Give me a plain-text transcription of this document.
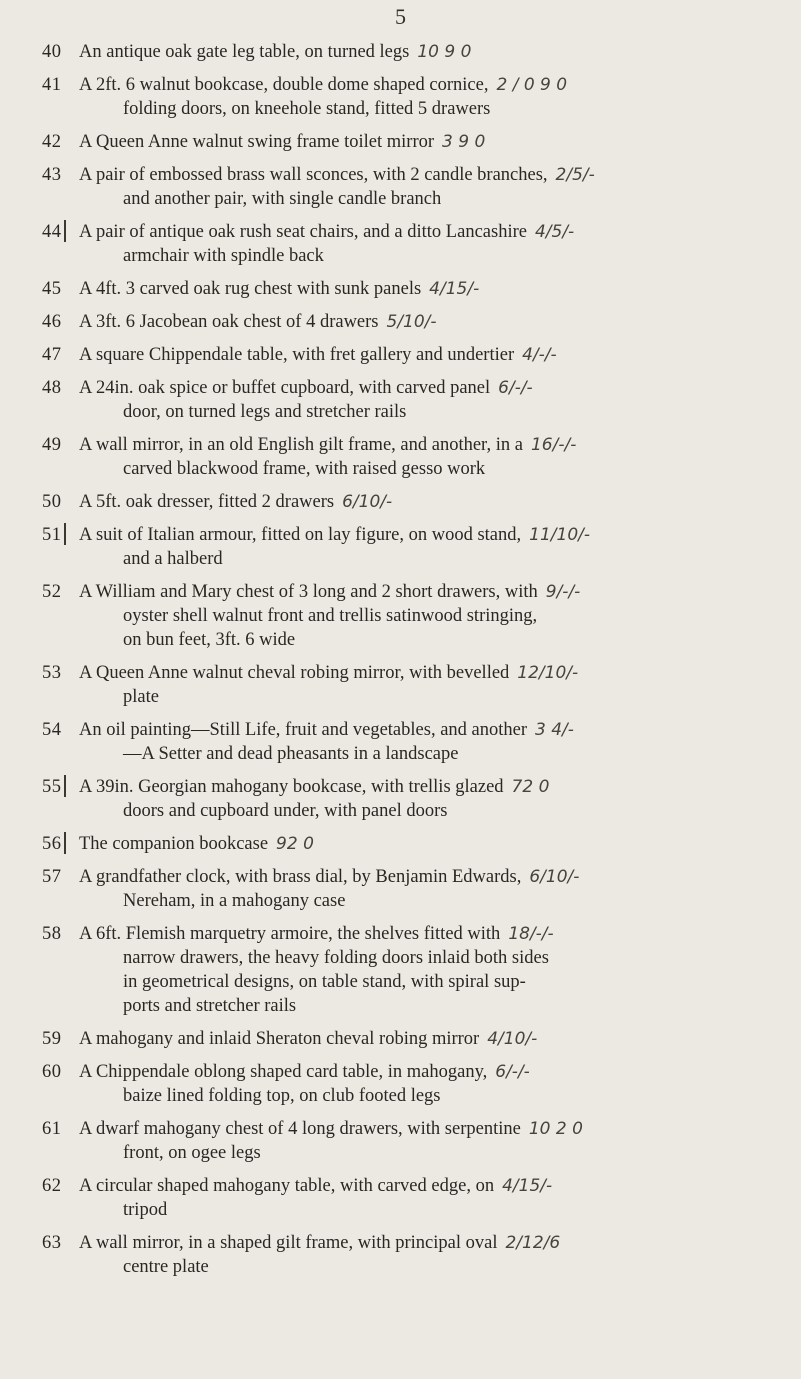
5
40 An antique oak gate leg table, on turned legs 10 9 0
41 A 2ft. 6 walnut bookcase, double dome shaped cornice, 2 / 0 9 0
folding doors, on kneehole stand, fitted 5 drawers
42 A Queen Anne walnut swing frame toilet mirror 3 9 0
43 A pair of embossed brass wall sconces, with 2 candle branches, 2/5/-
and another pair, with single candle branch
44 A pair of antique oak rush seat chairs, and a ditto Lancashire 4/5/-
armchair with spindle back
45 A 4ft. 3 carved oak rug chest with sunk panels 4/15/-
46 A 3ft. 6 Jacobean oak chest of 4 drawers 5/10/-
47 A square Chippendale table, with fret gallery and undertier 4/-/-
48 A 24in. oak spice or buffet cupboard, with carved panel 6/-/-
door, on turned legs and stretcher rails
49 A wall mirror, in an old English gilt frame, and another, in a 16/-/-
carved blackwood frame, with raised gesso work
50 A 5ft. oak dresser, fitted 2 drawers 6/10/-
51 A suit of Italian armour, fitted on lay figure, on wood stand, 11/10/-
and a halberd
52 A William and Mary chest of 3 long and 2 short drawers, with 9/-/-
oyster shell walnut front and trellis satinwood stringing,
on bun feet, 3ft. 6 wide
53 A Queen Anne walnut cheval robing mirror, with bevelled 12/10/-
plate
54 An oil painting—Still Life, fruit and vegetables, and another 3 4/-
—A Setter and dead pheasants in a landscape
55 A 39in. Georgian mahogany bookcase, with trellis glazed 72 0
doors and cupboard under, with panel doors
56 The companion bookcase 92 0
57 A grandfather clock, with brass dial, by Benjamin Edwards, 6/10/-
Nereham, in a mahogany case
58 A 6ft. Flemish marquetry armoire, the shelves fitted with 18/-/-
narrow drawers, the heavy folding doors inlaid both sides
in geometrical designs, on table stand, with spiral sup-
ports and stretcher rails
59 A mahogany and inlaid Sheraton cheval robing mirror 4/10/-
60 A Chippendale oblong shaped card table, in mahogany, 6/-/-
baize lined folding top, on club footed legs
61 A dwarf mahogany chest of 4 long drawers, with serpentine 10 2 0
front, on ogee legs
62 A circular shaped mahogany table, with carved edge, on 4/15/-
tripod
63 A wall mirror, in a shaped gilt frame, with principal oval 2/12/6
centre plate
